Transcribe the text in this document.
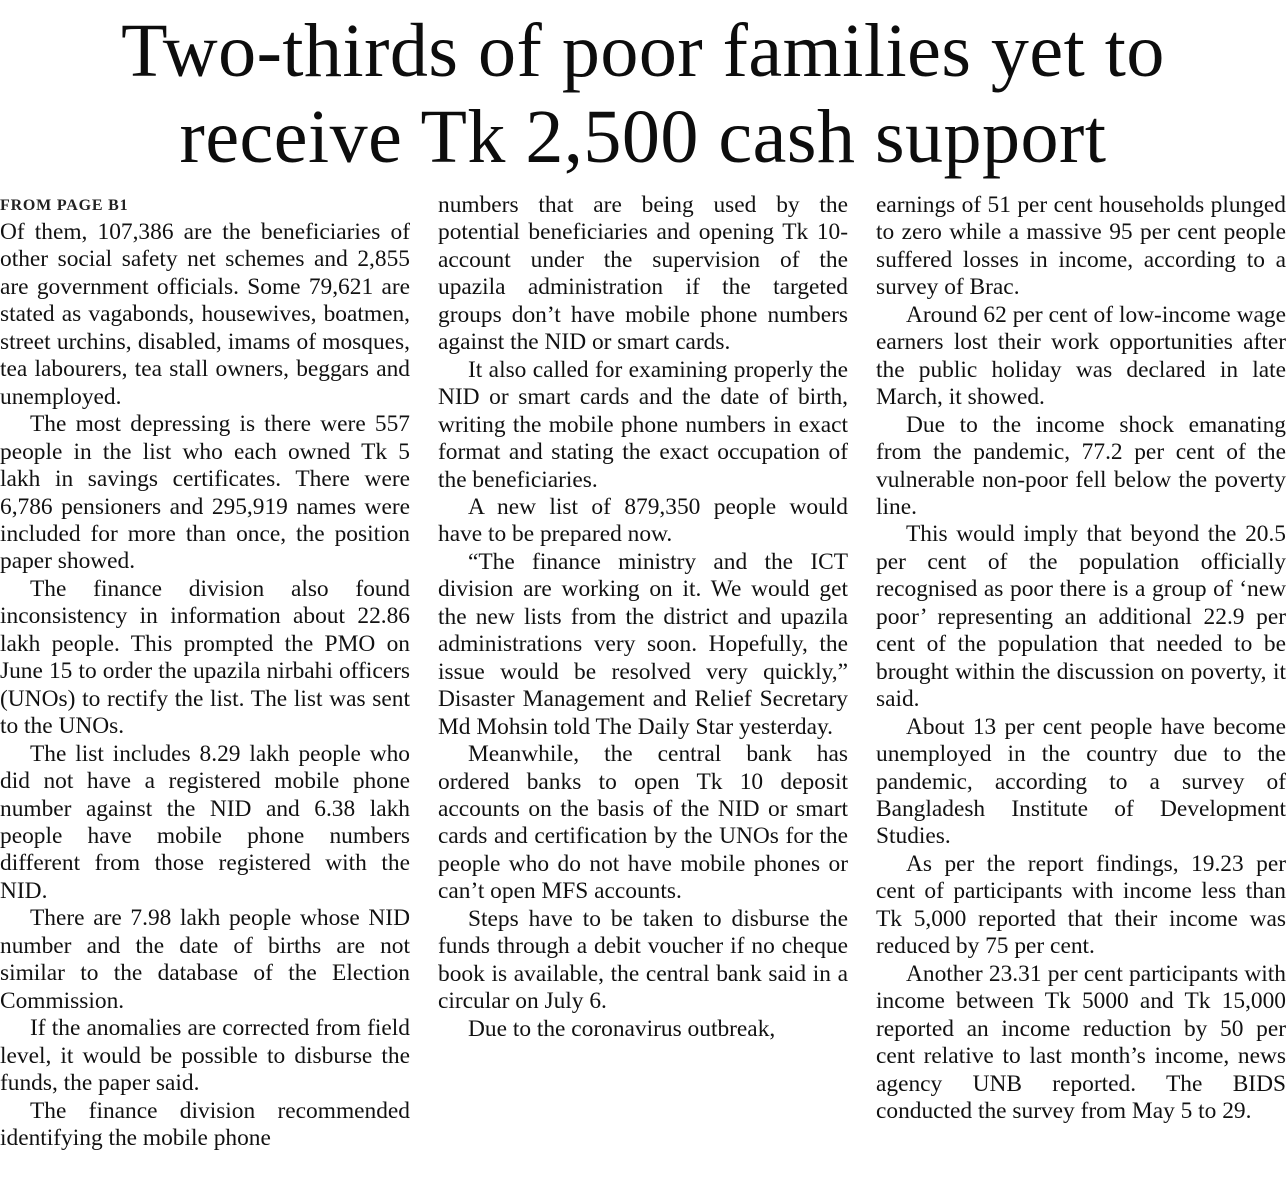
Two-thirds of poor families yet to
receive Tk 2,500 cash support
FROM PAGE B1

Of them, 107,386 are the beneficiaries of other social safety net schemes and 2,855 are government officials. Some 79,621 are stated as vagabonds, housewives, boatmen, street urchins, disabled, imams of mosques, tea labourers, tea stall owners, beggars and unemployed.

The most depressing is there were 557 people in the list who each owned Tk 5 lakh in savings certificates. There were 6,786 pensioners and 295,919 names were included for more than once, the position paper showed.

The finance division also found inconsistency in information about 22.86 lakh people. This prompted the PMO on June 15 to order the upazila nirbahi officers (UNOs) to rectify the list. The list was sent to the UNOs.

The list includes 8.29 lakh people who did not have a registered mobile phone number against the NID and 6.38 lakh people have mobile phone numbers different from those registered with the NID.

There are 7.98 lakh people whose NID number and the date of births are not similar to the database of the Election Commission.

If the anomalies are corrected from field level, it would be possible to disburse the funds, the paper said.

The finance division recommended identifying the mobile phone

numbers that are being used by the potential beneficiaries and opening Tk 10-account under the supervision of the upazila administration if the targeted groups don’t have mobile phone numbers against the NID or smart cards.

It also called for examining properly the NID or smart cards and the date of birth, writing the mobile phone numbers in exact format and stating the exact occupation of the beneficiaries.

A new list of 879,350 people would have to be prepared now.

“The finance ministry and the ICT division are working on it. We would get the new lists from the district and upazila administrations very soon. Hopefully, the issue would be resolved very quickly,” Disaster Management and Relief Secretary Md Mohsin told The Daily Star yesterday.

Meanwhile, the central bank has ordered banks to open Tk 10 deposit accounts on the basis of the NID or smart cards and certification by the UNOs for the people who do not have mobile phones or can’t open MFS accounts.

Steps have to be taken to disburse the funds through a debit voucher if no cheque book is available, the central bank said in a circular on July 6.

Due to the coronavirus outbreak,

earnings of 51 per cent households plunged to zero while a massive 95 per cent people suffered losses in income, according to a survey of Brac.

Around 62 per cent of low-income wage earners lost their work opportunities after the public holiday was declared in late March, it showed.

Due to the income shock emanating from the pandemic, 77.2 per cent of the vulnerable non-poor fell below the poverty line.

This would imply that beyond the 20.5 per cent of the population officially recognised as poor there is a group of ‘new poor’ representing an additional 22.9 per cent of the population that needed to be brought within the discussion on poverty, it said.

About 13 per cent people have become unemployed in the country due to the pandemic, according to a survey of Bangladesh Institute of Development Studies.

As per the report findings, 19.23 per cent of participants with income less than Tk 5,000 reported that their income was reduced by 75 per cent.

Another 23.31 per cent participants with income between Tk 5000 and Tk 15,000 reported an income reduction by 50 per cent relative to last month’s income, news agency UNB reported. The BIDS conducted the survey from May 5 to 29.
